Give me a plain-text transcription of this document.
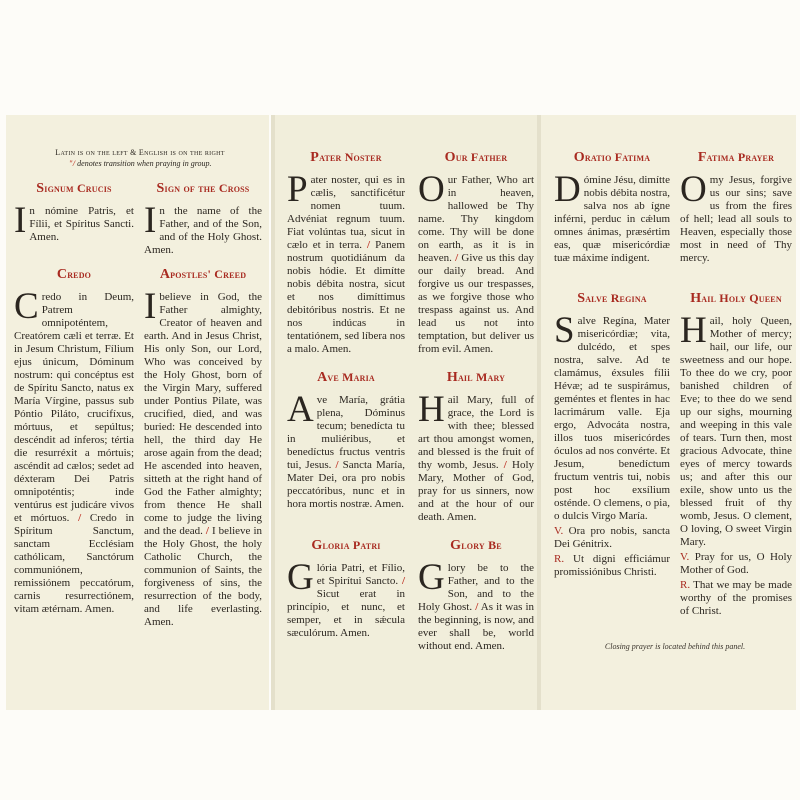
Latin is on the left & English is on the right
"/ denotes transition when praying in group.
Signum Crucis
In nómine Patris, et Fílii, et Spíritus Sancti. Amen.
Sign of the Cross
In the name of the Father, and of the Son, and of the Holy Ghost. Amen.
Credo
Credo in Deum, Patrem omnipoténtem, Creatórem cæli et terræ. Et in Jesum Christum, Fílium ejus únicum, Dóminum nostrum: qui concéptus est de Spíritu Sancto, natus ex María Vírgine, passus sub Póntio Piláto, crucifíxus, mórtuus, et sepúltus; descéndit ad ínferos; tértia die resurréxit a mórtuis; ascéndit ad cælos; sedet ad déxteram Dei Patris omnipoténtis; inde ventúrus est judicáre vivos et mórtuos. / Credo in Spíritum Sanctum, sanctam Ecclésiam cathólicam, Sanctórum communiónem, remissiónem peccatórum, carnis resurrectiónem, vitam ætérnam. Amen.
Apostles' Creed
Ibelieve in God, the Father almighty, Creator of heaven and earth. And in Jesus Christ, His only Son, our Lord, Who was conceived by the Holy Ghost, born of the Virgin Mary, suffered under Pontius Pilate, was crucified, died, and was buried: He descended into hell, the third day He arose again from the dead; He ascended into heaven, sitteth at the right hand of God the Father almighty; from thence He shall come to judge the living and the dead. / I believe in the Holy Ghost, the holy Catholic Church, the communion of Saints, the forgiveness of sins, the resurrection of the body, and life everlasting. Amen.
Pater Noster
Pater noster, qui es in cælis, sanctificétur nomen tuum. Advéniat regnum tuum. Fiat volúntas tua, sicut in cælo et in terra. / Panem nostrum quotidiánum da nobis hódie. Et dimítte nobis débita nostra, sicut et nos dimíttimus debitóribus nostris. Et ne nos indúcas in tentatiónem, sed líbera nos a malo. Amen.
Our Father
Our Father, Who art in heaven, hallowed be Thy name. Thy kingdom come. Thy will be done on earth, as it is in heaven. / Give us this day our daily bread. And forgive us our trespasses, as we forgive those who trespass against us. And lead us not into temptation, but deliver us from evil. Amen.
Ave Maria
Ave María, grátia plena, Dóminus tecum; benedícta tu in muliéribus, et benedíctus fructus ventris tui, Jesus. / Sancta María, Mater Dei, ora pro nobis peccatóribus, nunc et in hora mortis nostræ. Amen.
Hail Mary
Hail Mary, full of grace, the Lord is with thee; blessed art thou amongst women, and blessed is the fruit of thy womb, Jesus. / Holy Mary, Mother of God, pray for us sinners, now and at the hour of our death. Amen.
Gloria Patri
Glória Patri, et Fílio, et Spirítui Sancto. / Sicut erat in princípio, et nunc, et semper, et in sǽcula sæculórum. Amen.
Glory Be
Glory be to the Father, and to the Son, and to the Holy Ghost. / As it was in the beginning, is now, and ever shall be, world without end. Amen.
Oratio Fatima
Dómine Jésu, dimítte nobis débita nostra, salva nos ab ígne inférni, perduc in cǽlum omnes ánimas, præsértim eas, quæ misericórdiæ tuæ máxime índigent.
Fatima Prayer
Omy Jesus, forgive us our sins; save us from the fires of hell; lead all souls to Heaven, especially those most in need of Thy mercy.
Salve Regina

Salve Regína, Mater misericórdiæ; vita, dulcédo, et spes nostra, salve. Ad te clamámus, éxsules fílii Hévæ; ad te suspirámus, geméntes et flentes in hac lacrimárum valle. Eja ergo, Advocáta nostra, illos tuos misericórdes óculos ad nos convérte. Et Jesum, benedíctum fructum ventris tui, nobis post hoc exsílium osténde. O clemens, o pia, o dulcis Virgo María.

V. Ora pro nobis, sancta Dei Génitrix.

R. Ut digni efficiámur promissiónibus Christi.

Hail Holy Queen

Hail, holy Queen, Mother of mercy; hail, our life, our sweetness and our hope. To thee do we cry, poor banished children of Eve; to thee do we send up our sighs, mourning and weeping in this vale of tears. Turn then, most gracious Advocate, thine eyes of mercy towards us; and after this our exile, show unto us the blessed fruit of thy womb, Jesus. O clement, O loving, O sweet Virgin Mary.

V. Pray for us, O Holy Mother of God.

R. That we may be made worthy of the promises of Christ.

Closing prayer is located behind this panel.
